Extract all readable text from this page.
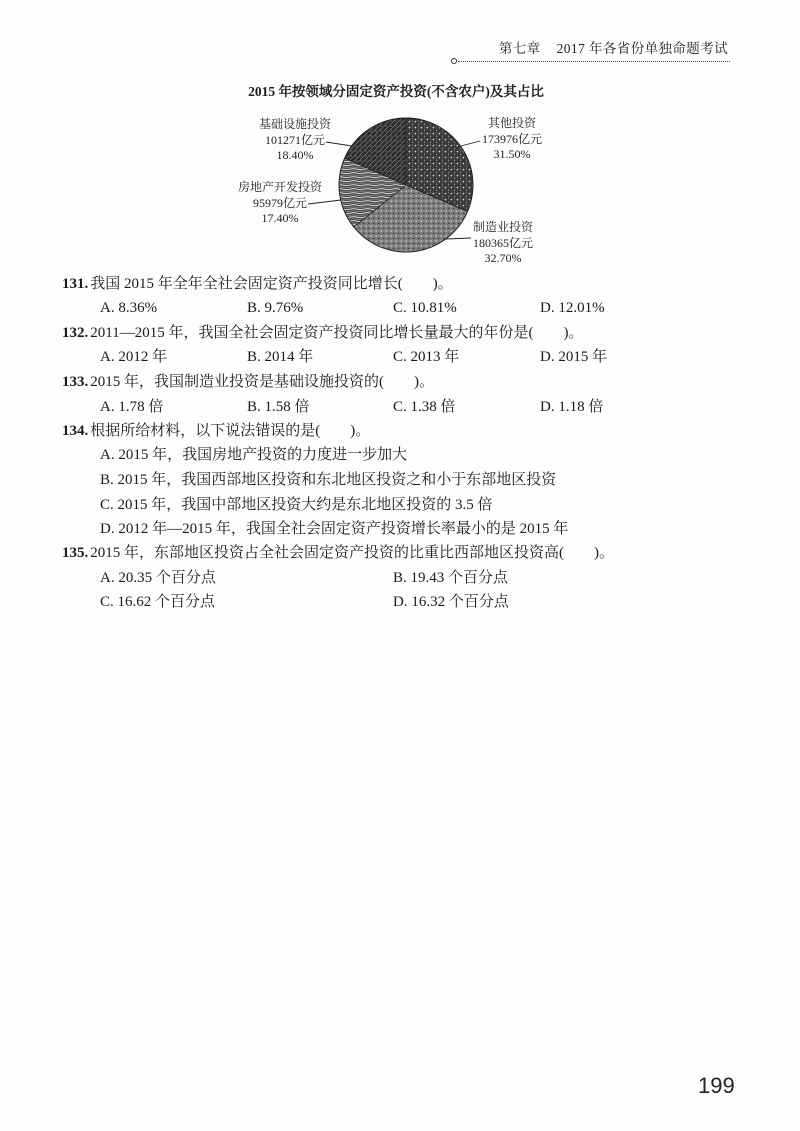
第七章 2017 年各省份单独命题考试
2015 年按领域分固定资产投资(不含农户)及其占比
基础设施投资
101271亿元
18.40%
其他投资
173976亿元
31.50%
房地产开发投资
95979亿元
17.40%
制造业投资
180365亿元
32.70%
131. 我国 2015 年全年全社会固定资产投资同比增长(　　)。
A. 8.36%	B. 9.76%	C. 10.81%	D. 12.01%
132. 2011—2015 年，我国全社会固定资产投资同比增长量最大的年份是(　　)。
A. 2012 年	B. 2014 年	C. 2013 年	D. 2015 年
133. 2015 年，我国制造业投资是基础设施投资的(　　)。
A. 1.78 倍	B. 1.58 倍	C. 1.38 倍	D. 1.18 倍
134. 根据所给材料，以下说法错误的是(　　)。
A. 2015 年，我国房地产投资的力度进一步加大
B. 2015 年，我国西部地区投资和东北地区投资之和小于东部地区投资
C. 2015 年，我国中部地区投资大约是东北地区投资的 3.5 倍
D. 2012 年—2015 年，我国全社会固定资产投资增长率最小的是 2015 年
135. 2015 年，东部地区投资占全社会固定资产投资的比重比西部地区投资高(　　)。
A. 20.35 个百分点	B. 19.43 个百分点
C. 16.62 个百分点	D. 16.32 个百分点
199
